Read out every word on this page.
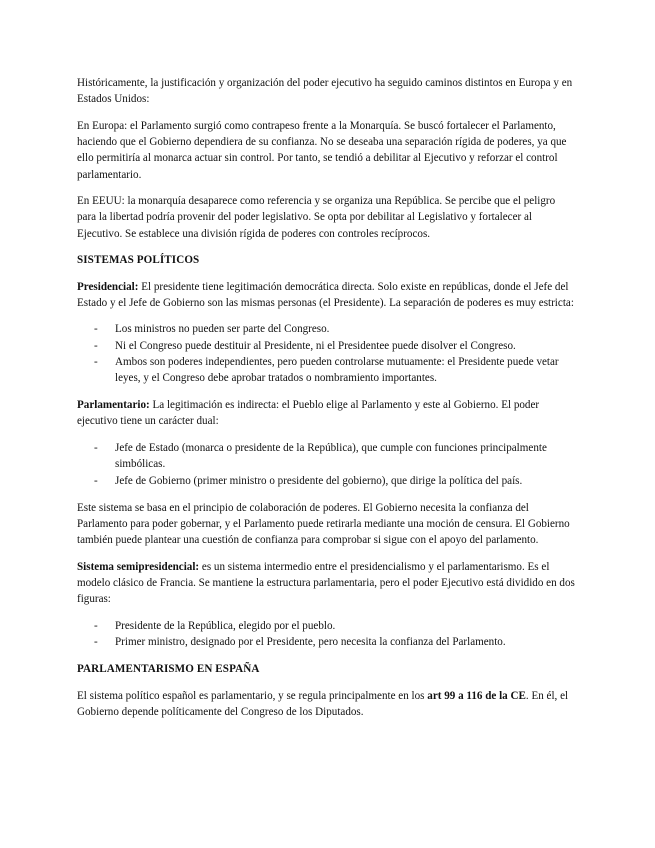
Históricamente, la justificación y organización del poder ejecutivo ha seguido caminos distintos en Europa y en Estados Unidos:

En Europa: el Parlamento surgió como contrapeso frente a la Monarquía. Se buscó fortalecer el Parlamento, haciendo que el Gobierno dependiera de su confianza. No se deseaba una separación rígida de poderes, ya que ello permitiría al monarca actuar sin control. Por tanto, se tendió a debilitar al Ejecutivo y reforzar el control parlamentario.

En EEUU: la monarquía desaparece como referencia y se organiza una República. Se percibe que el peligro para la libertad podría provenir del poder legislativo. Se opta por debilitar al Legislativo y fortalecer al Ejecutivo. Se establece una división rígida de poderes con controles recíprocos.

SISTEMAS POLÍTICOS

Presidencial: El presidente tiene legitimación democrática directa. Solo existe en repúblicas, donde el Jefe del Estado y el Jefe de Gobierno son las mismas personas (el Presidente). La separación de poderes es muy estricta:

- Los ministros no pueden ser parte del Congreso.
- Ni el Congreso puede destituir al Presidente, ni el Presidentee puede disolver el Congreso.
- Ambos son poderes independientes, pero pueden controlarse mutuamente: el Presidente puede vetar leyes, y el Congreso debe aprobar tratados o nombramiento importantes.

Parlamentario: La legitimación es indirecta: el Pueblo elige al Parlamento y este al Gobierno. El poder ejecutivo tiene un carácter dual:

- Jefe de Estado (monarca o presidente de la República), que cumple con funciones principalmente simbólicas.
- Jefe de Gobierno (primer ministro o presidente del gobierno), que dirige la política del país.

Este sistema se basa en el principio de colaboración de poderes. El Gobierno necesita la confianza del Parlamento para poder gobernar, y el Parlamento puede retirarla mediante una moción de censura. El Gobierno también puede plantear una cuestión de confianza para comprobar si sigue con el apoyo del parlamento.

Sistema semipresidencial: es un sistema intermedio entre el presidencialismo y el parlamentarismo. Es el modelo clásico de Francia. Se mantiene la estructura parlamentaria, pero el poder Ejecutivo está dividido en dos figuras:

- Presidente de la República, elegido por el pueblo.
- Primer ministro, designado por el Presidente, pero necesita la confianza del Parlamento.
PARLAMENTARISMO EN ESPAÑA

El sistema político español es parlamentario, y se regula principalmente en los art 99 a 116 de la CE. En él, el Gobierno depende políticamente del Congreso de los Diputados.
